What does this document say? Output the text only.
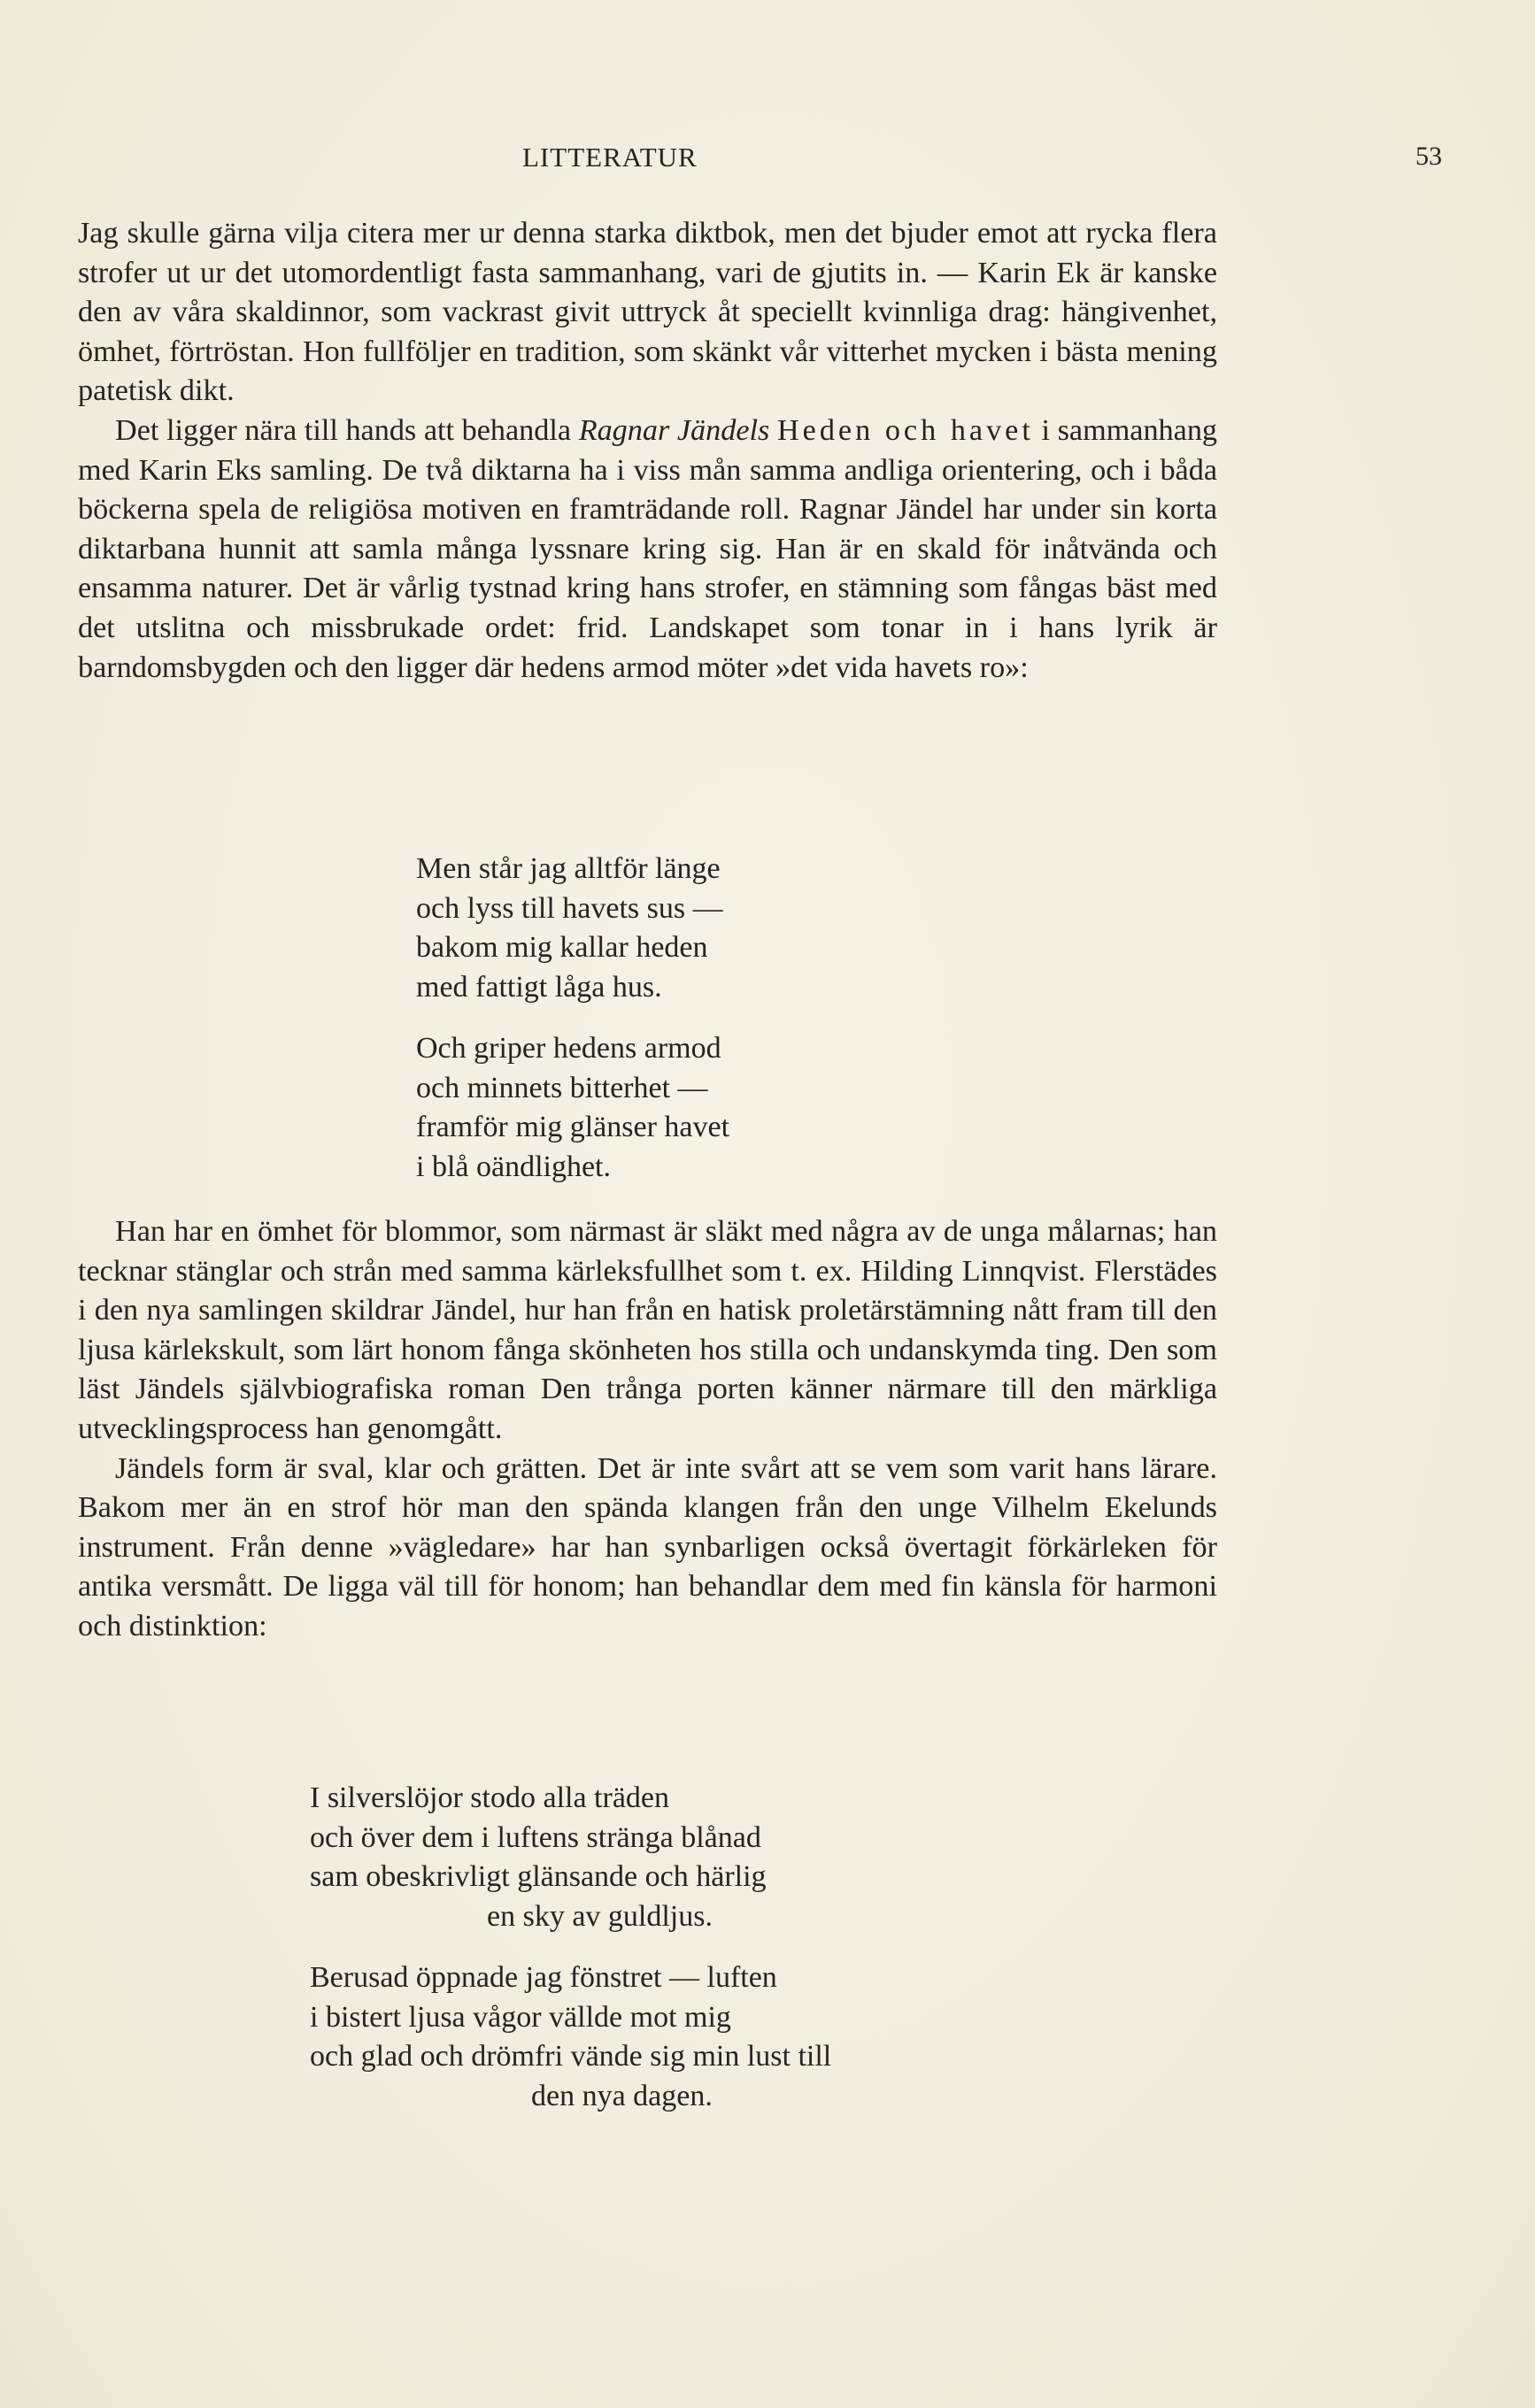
LITTERATUR	53

Jag skulle gärna vilja citera mer ur denna starka diktbok, men det bjuder emot att rycka flera strofer ut ur det utomordentligt fasta sammanhang, vari de gjutits in. — Karin Ek är kanske den av våra skaldinnor, som vackrast givit uttryck åt speciellt kvinnliga drag: hängivenhet, ömhet, förtröstan. Hon fullföljer en tradition, som skänkt vår vitterhet mycken i bästa mening patetisk dikt.

Det ligger nära till hands att behandla Ragnar Jändels Heden och havet i sammanhang med Karin Eks samling. De två diktarna ha i viss mån samma andliga orientering, och i båda böckerna spela de religiösa motiven en framträdande roll. Ragnar Jändel har under sin korta diktarbana hunnit att samla många lyssnare kring sig. Han är en skald för inåtvända och ensamma naturer. Det är vårlig tystnad kring hans strofer, en stämning som fångas bäst med det utslitna och missbrukade ordet: frid. Landskapet som tonar in i hans lyrik är barndomsbygden och den ligger där hedens armod möter »det vida havets ro»:

Men står jag alltför länge
och lyss till havets sus —
bakom mig kallar heden
med fattigt låga hus.

Och griper hedens armod
och minnets bitterhet —
framför mig glänser havet
i blå oändlighet.

Han har en ömhet för blommor, som närmast är släkt med några av de unga målarnas; han tecknar stänglar och strån med samma kärleksfullhet som t. ex. Hilding Linnqvist. Flerstädes i den nya samlingen skildrar Jändel, hur han från en hatisk proletärstämning nått fram till den ljusa kärlekskult, som lärt honom fånga skönheten hos stilla och undanskymda ting. Den som läst Jändels självbiografiska roman Den trånga porten känner närmare till den märkliga utvecklingsprocess han genomgått.

Jändels form är sval, klar och grätten. Det är inte svårt att se vem som varit hans lärare. Bakom mer än en strof hör man den spända klangen från den unge Vilhelm Ekelunds instrument. Från denne »vägledare» har han synbarligen också övertagit förkärleken för antika versmått. De ligga väl till för honom; han behandlar dem med fin känsla för harmoni och distinktion:

I silverslöjor stodo alla träden
och över dem i luftens stränga blånad
sam obeskrivligt glänsande och härlig
en sky av guldljus.

Berusad öppnade jag fönstret — luften
i bistert ljusa vågor vällde mot mig
och glad och drömfri vände sig min lust till
den nya dagen.
